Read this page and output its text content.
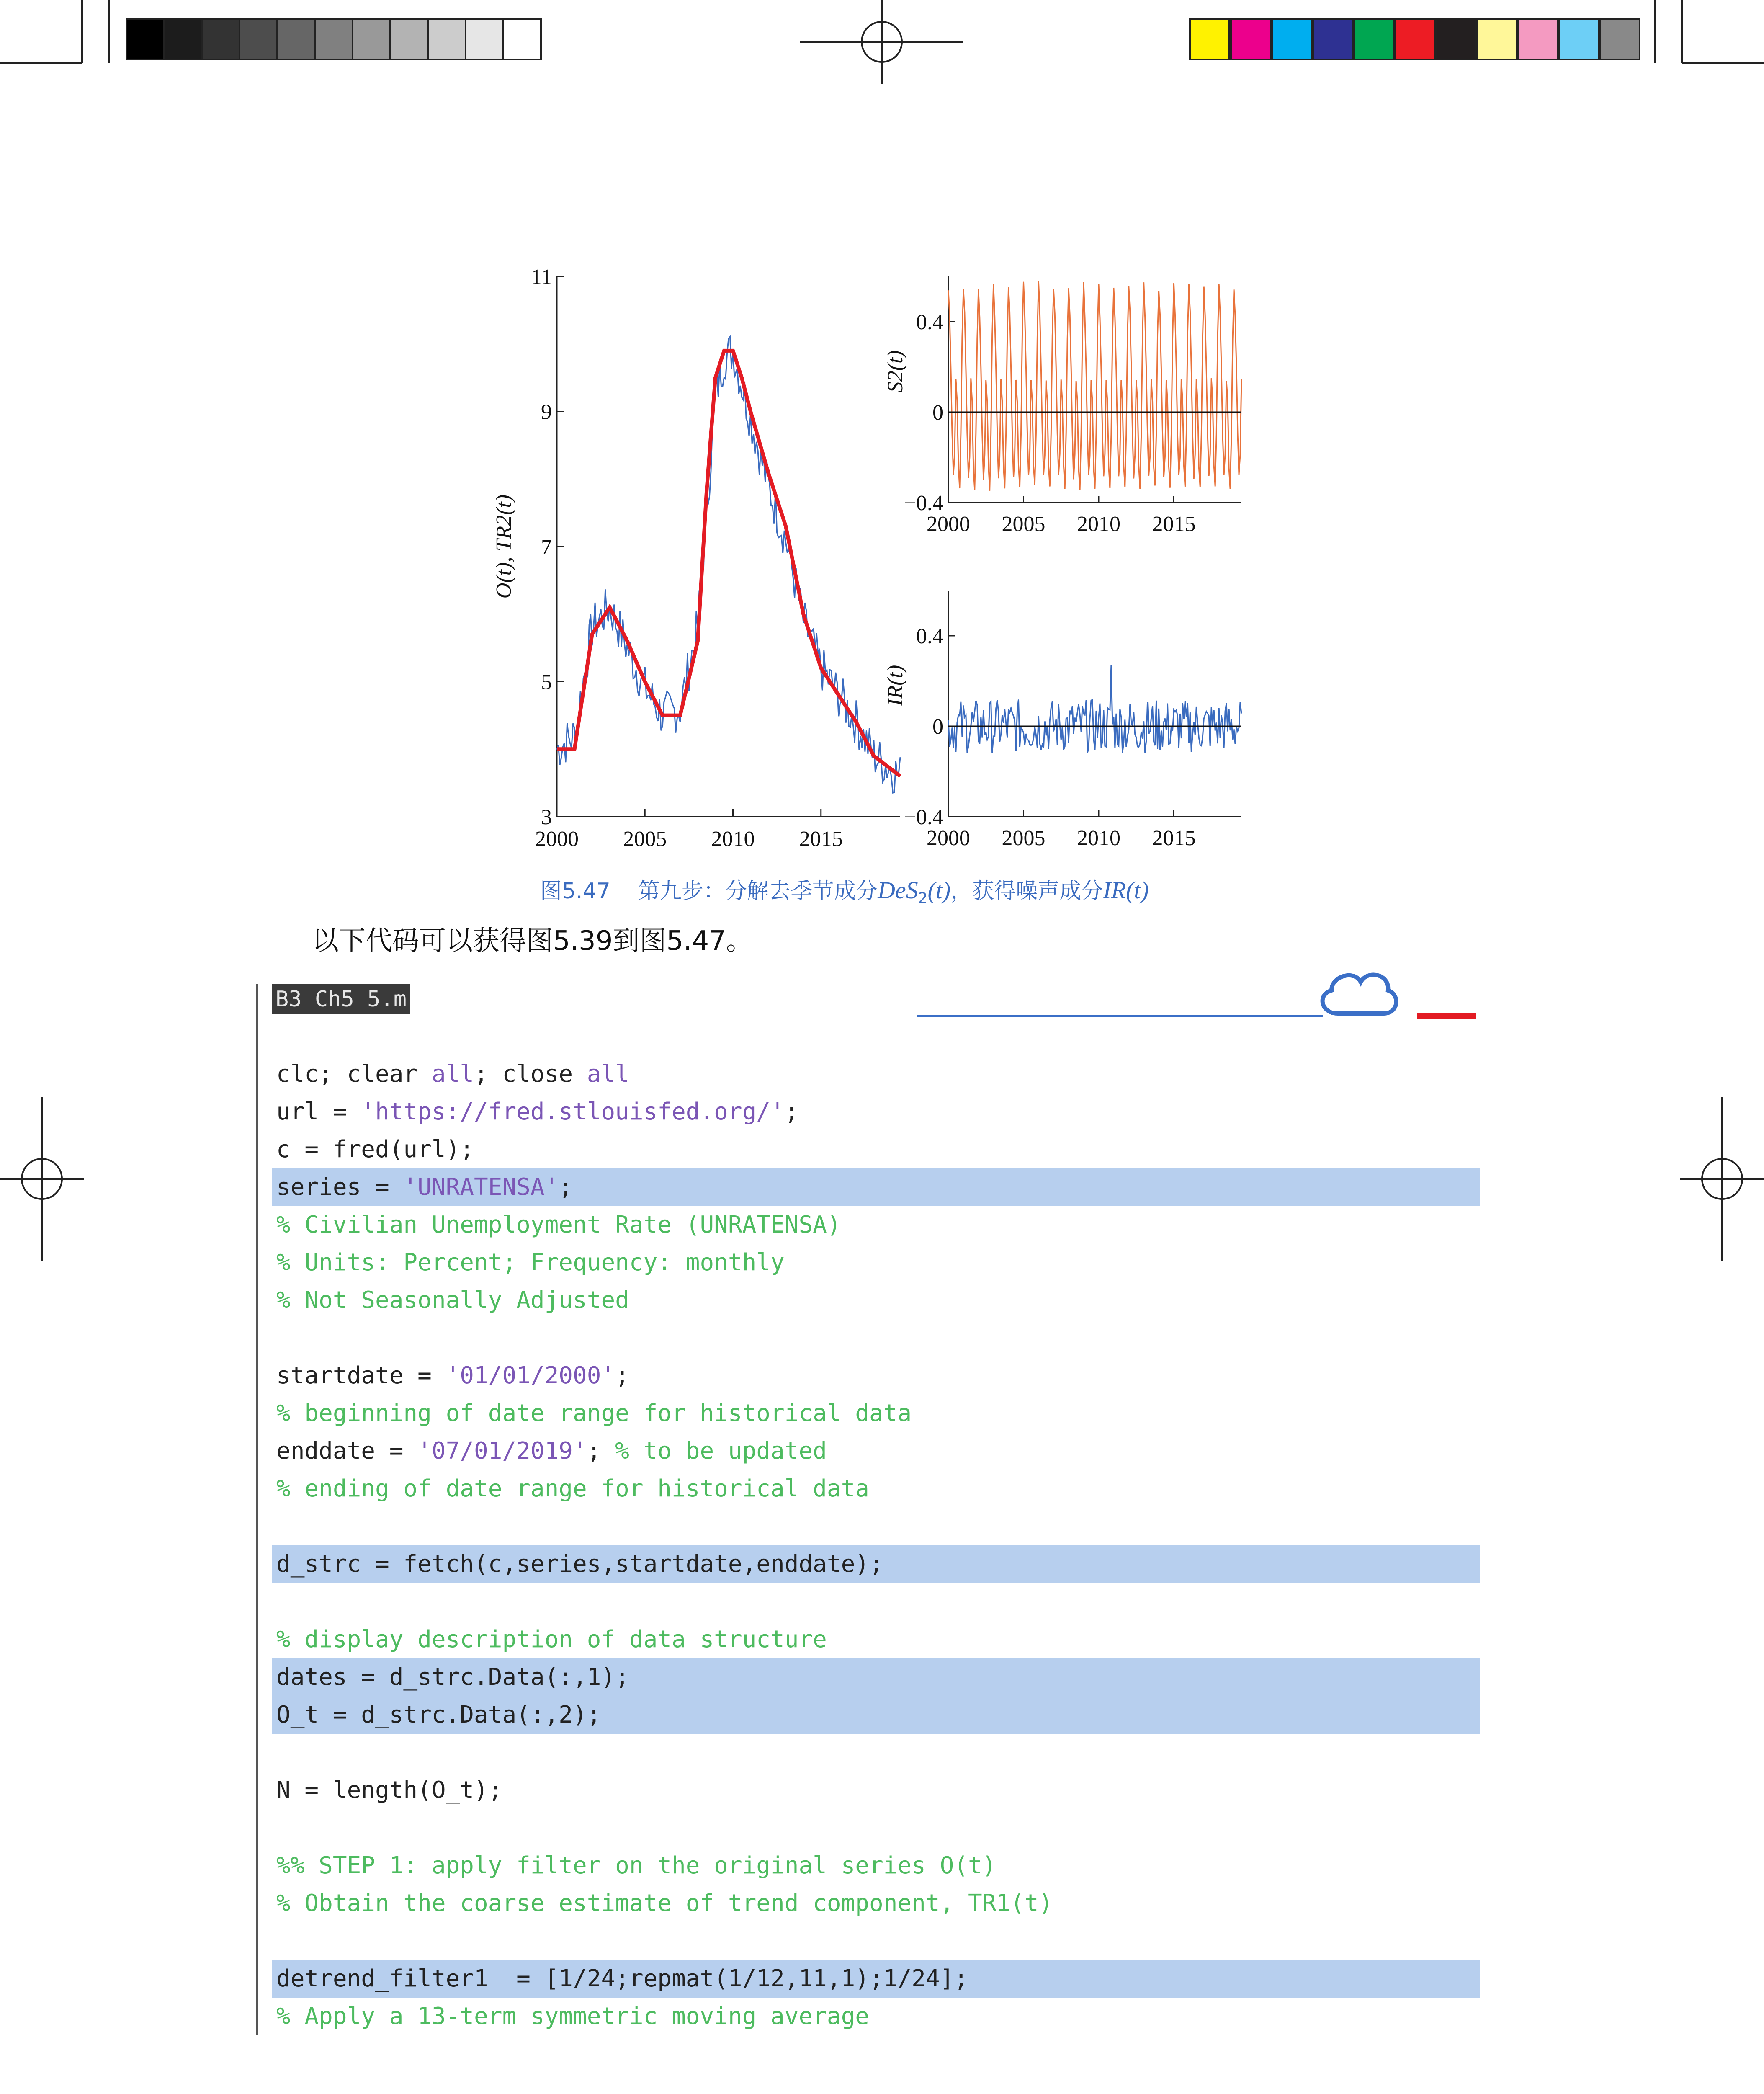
3
5
7
9
11
2000 2005 2010 2015
O(t), TR2(t)	−0.4
0
0.4
2000 2005 2010 2015
S2(t)
−0.4
0
0.4
2000 2005 2010 2015
IR(t)
图5.47 第九步：分解去季节成分DeS$_2$(t)，获得噪声成分IR(t)
以下代码可以获得图5.39到图5.47。
B3_Ch5_5.m
clc; clear all; close all
url = 'https://fred.stlouisfed.org/';
c = fred(url);
series = 'UNRATENSA';
% Civilian Unemployment Rate (UNRATENSA)
% Units: Percent; Frequency: monthly
% Not Seasonally Adjusted
startdate = '01/01/2000';
% beginning of date range for historical data
enddate = '07/01/2019'; % to be updated
% ending of date range for historical data
d_strc = fetch(c,series,startdate,enddate);
% display description of data structure
dates = d_strc.Data(:,1);
O_t = d_strc.Data(:,2);
N = length(O_t);
%% STEP 1: apply filter on the original series O(t)
% Obtain the coarse estimate of trend component, TR1(t)
detrend_filter1  = [1/24;repmat(1/12,11,1);1/24];
% Apply a 13-term symmetric moving average
